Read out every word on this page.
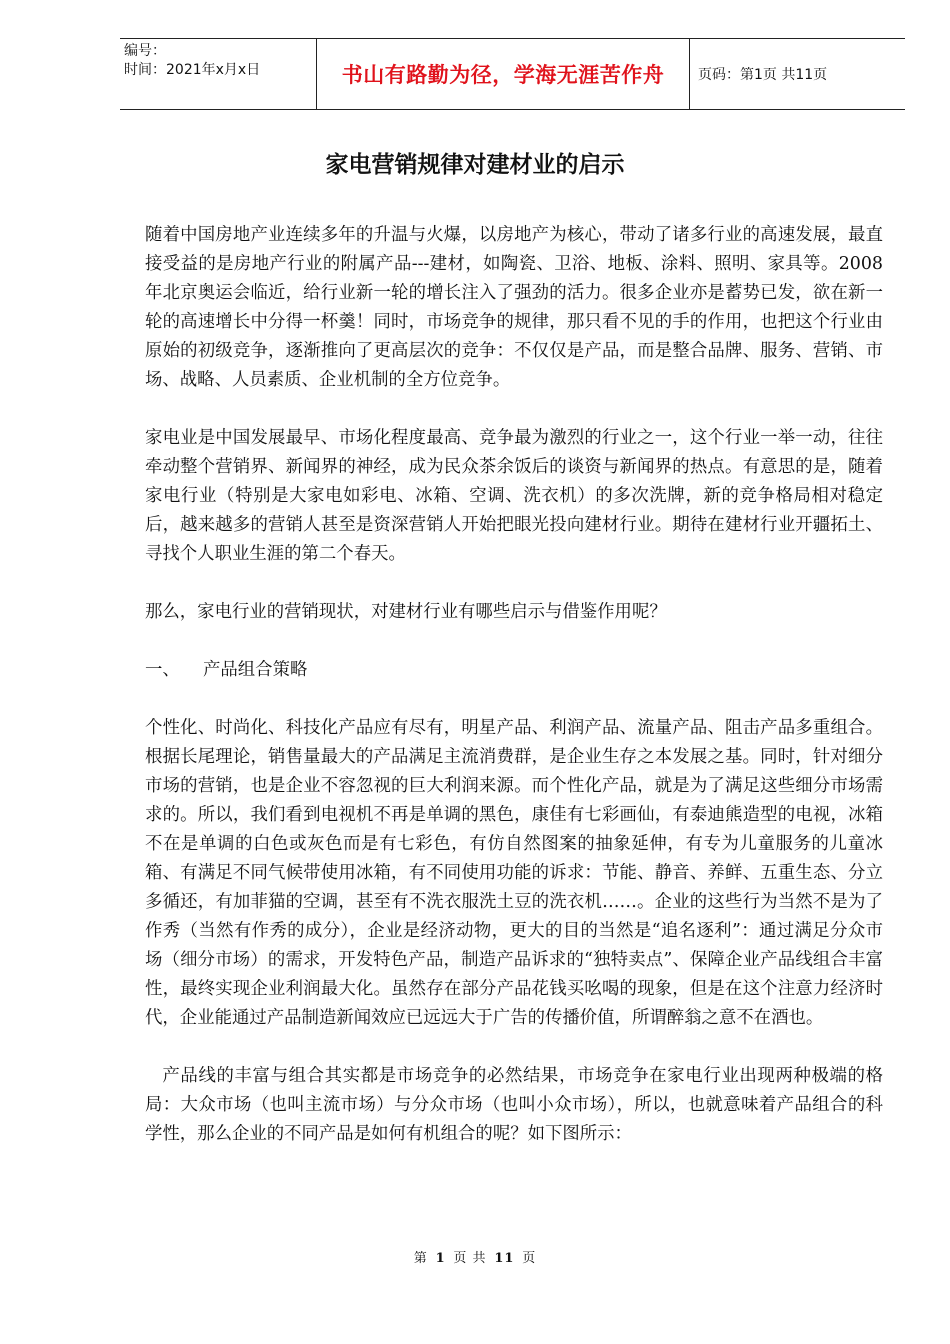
编号：
时间：2021年x月x日	书山有路勤为径，学海无涯苦作舟	页码：第1页 共11页
家电营销规律对建材业的启示

随着中国房地产业连续多年的升温与火爆，以房地产为核心，带动了诸多行业的高速发展，最直接受益的是房地产行业的附属产品---建材，如陶瓷、卫浴、地板、涂料、照明、家具等。2008年北京奥运会临近，给行业新一轮的增长注入了强劲的活力。很多企业亦是蓄势已发，欲在新一轮的高速增长中分得一杯羹！同时，市场竞争的规律，那只看不见的手的作用，也把这个行业由原始的初级竞争，逐渐推向了更高层次的竞争：不仅仅是产品，而是整合品牌、服务、营销、市场、战略、人员素质、企业机制的全方位竞争。

家电业是中国发展最早、市场化程度最高、竞争最为激烈的行业之一，这个行业一举一动，往往牵动整个营销界、新闻界的神经，成为民众茶余饭后的谈资与新闻界的热点。有意思的是，随着家电行业（特别是大家电如彩电、冰箱、空调、洗衣机）的多次洗牌，新的竞争格局相对稳定后，越来越多的营销人甚至是资深营销人开始把眼光投向建材行业。期待在建材行业开疆拓土、寻找个人职业生涯的第二个春天。

那么，家电行业的营销现状，对建材行业有哪些启示与借鉴作用呢？

一、	产品组合策略

个性化、时尚化、科技化产品应有尽有，明星产品、利润产品、流量产品、阻击产品多重组合。根据长尾理论，销售量最大的产品满足主流消费群，是企业生存之本发展之基。同时，针对细分市场的营销，也是企业不容忽视的巨大利润来源。而个性化产品，就是为了满足这些细分市场需求的。所以，我们看到电视机不再是单调的黑色，康佳有七彩画仙，有泰迪熊造型的电视，冰箱不在是单调的白色或灰色而是有七彩色，有仿自然图案的抽象延伸，有专为儿童服务的儿童冰箱、有满足不同气候带使用冰箱，有不同使用功能的诉求：节能、静音、养鲜、五重生态、分立多循还，有加菲猫的空调，甚至有不洗衣服洗土豆的洗衣机……。企业的这些行为当然不是为了作秀（当然有作秀的成分），企业是经济动物，更大的目的当然是“追名逐利”：通过满足分众市场（细分市场）的需求，开发特色产品，制造产品诉求的“独特卖点”、保障企业产品线组合丰富性，最终实现企业利润最大化。虽然存在部分产品花钱买吆喝的现象，但是在这个注意力经济时代，企业能通过产品制造新闻效应已远远大于广告的传播价值，所谓醉翁之意不在酒也。

产品线的丰富与组合其实都是市场竞争的必然结果，市场竞争在家电行业出现两种极端的格局：大众市场（也叫主流市场）与分众市场（也叫小众市场），所以，也就意味着产品组合的科学性，那么企业的不同产品是如何有机组合的呢？如下图所示：

第 1 页 共 11 页
